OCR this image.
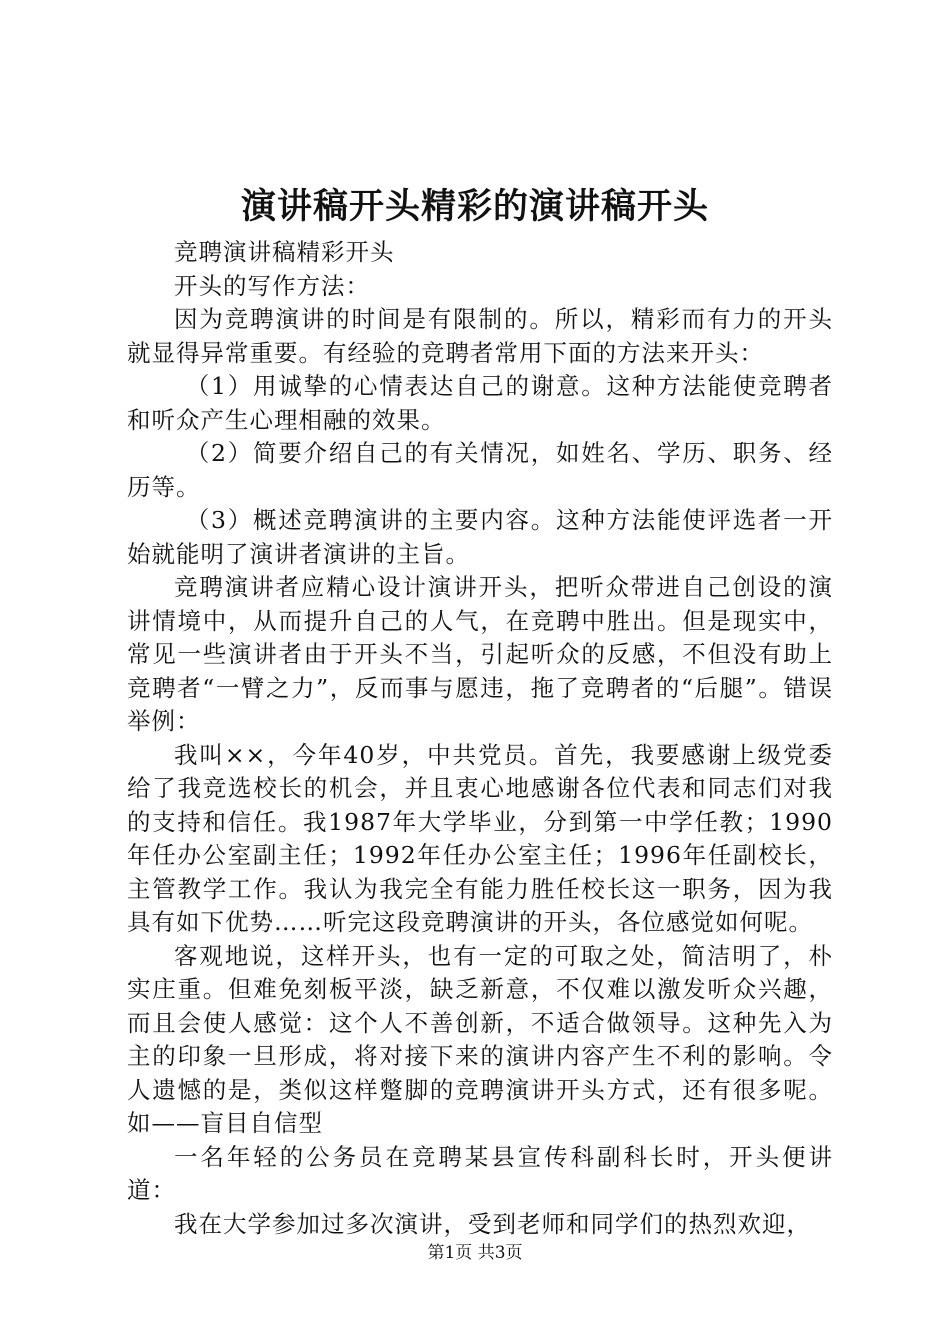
演讲稿开头精彩的演讲稿开头

竞聘演讲稿精彩开头

开头的写作方法：

因为竞聘演讲的时间是有限制的。所以，精彩而有力的开头就显得异常重要。有经验的竞聘者常用下面的方法来开头：

（1）用诚挚的心情表达自己的谢意。这种方法能使竞聘者和听众产生心理相融的效果。

（2）简要介绍自己的有关情况，如姓名、学历、职务、经历等。

（3）概述竞聘演讲的主要内容。这种方法能使评选者一开始就能明了演讲者演讲的主旨。

竞聘演讲者应精心设计演讲开头，把听众带进自己创设的演讲情境中，从而提升自己的人气，在竞聘中胜出。但是现实中，常见一些演讲者由于开头不当，引起听众的反感，不但没有助上竞聘者“一臂之力”，反而事与愿违，拖了竞聘者的“后腿”。错误举例：

我叫××，今年40岁，中共党员。首先，我要感谢上级党委给了我竞选校长的机会，并且衷心地感谢各位代表和同志们对我的支持和信任。我1987年大学毕业，分到第一中学任教；1990年任办公室副主任；1992年任办公室主任；1996年任副校长，主管教学工作。我认为我完全有能力胜任校长这一职务，因为我具有如下优势……听完这段竞聘演讲的开头，各位感觉如何呢。

客观地说，这样开头，也有一定的可取之处，简洁明了，朴实庄重。但难免刻板平淡，缺乏新意，不仅难以激发听众兴趣，而且会使人感觉：这个人不善创新，不适合做领导。这种先入为主的印象一旦形成，将对接下来的演讲内容产生不利的影响。令人遗憾的是，类似这样蹩脚的竞聘演讲开头方式，还有很多呢。如——盲目自信型

一名年轻的公务员在竞聘某县宣传科副科长时，开头便讲道：

我在大学参加过多次演讲，受到老师和同学们的热烈欢迎，

第1页 共3页
